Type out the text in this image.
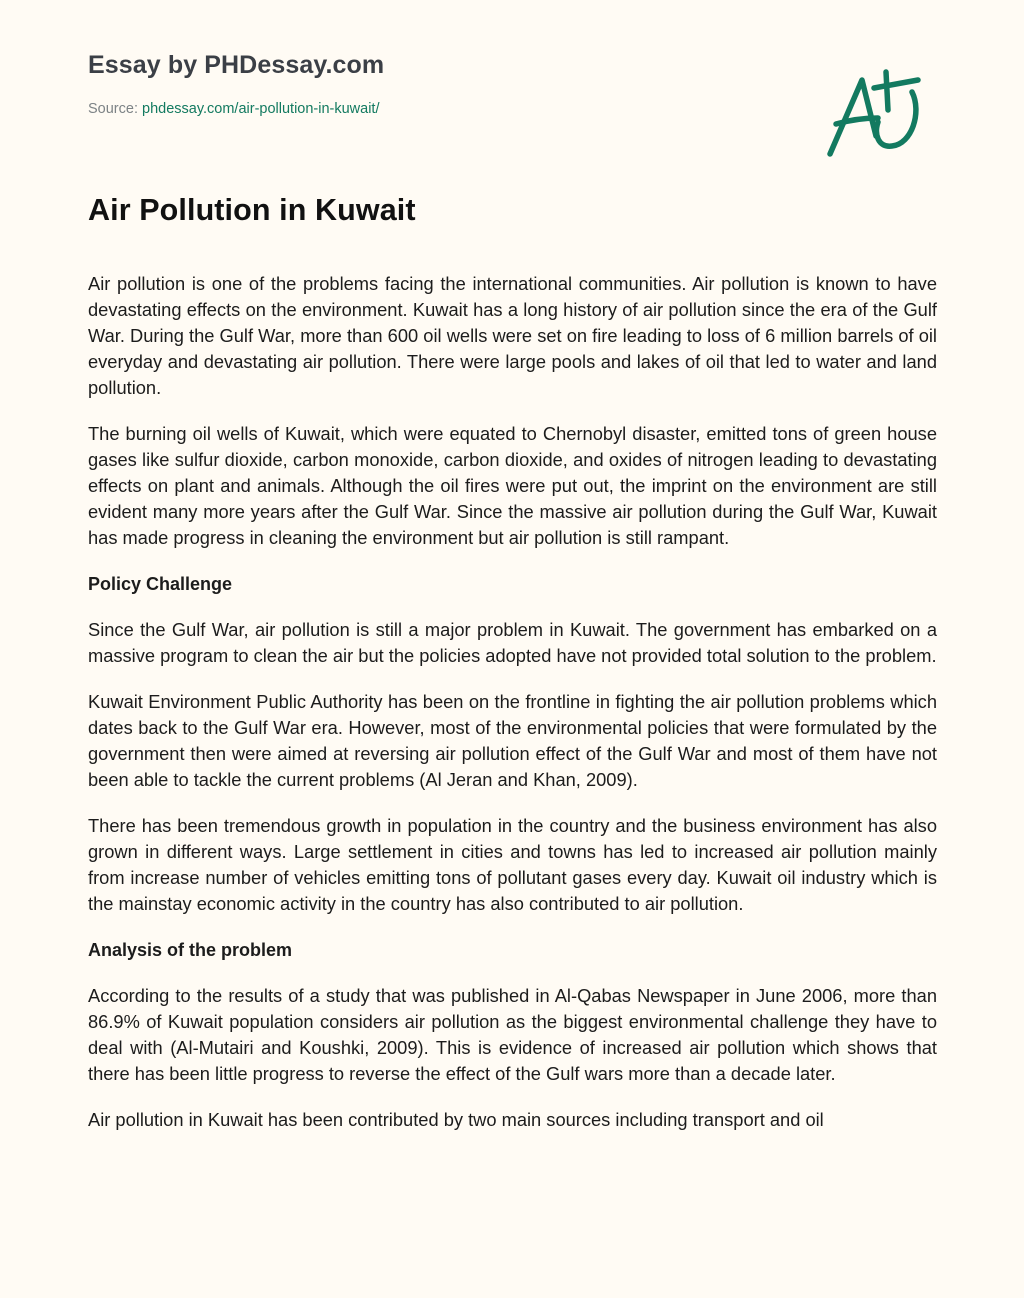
Essay by PHDessay.com
Source: phdessay.com/air-pollution-in-kuwait/
Air Pollution in Kuwait

Air pollution is one of the problems facing the international communities. Air pollution is known to have devastating effects on the environment. Kuwait has a long history of air pollution since the era of the Gulf War. During the Gulf War, more than 600 oil wells were set on fire leading to loss of 6 million barrels of oil everyday and devastating air pollution. There were large pools and lakes of oil that led to water and land pollution.

The burning oil wells of Kuwait, which were equated to Chernobyl disaster, emitted tons of green house gases like sulfur dioxide, carbon monoxide, carbon dioxide, and oxides of nitrogen leading to devastating effects on plant and animals. Although the oil fires were put out, the imprint on the environment are still evident many more years after the Gulf War. Since the massive air pollution during the Gulf War, Kuwait has made progress in cleaning the environment but air pollution is still rampant.

Policy Challenge

Since the Gulf War, air pollution is still a major problem in Kuwait. The government has embarked on a massive program to clean the air but the policies adopted have not provided total solution to the problem.

Kuwait Environment Public Authority has been on the frontline in fighting the air pollution problems which dates back to the Gulf War era. However, most of the environmental policies that were formulated by the government then were aimed at reversing air pollution effect of the Gulf War and most of them have not been able to tackle the current problems (Al Jeran and Khan, 2009).

There has been tremendous growth in population in the country and the business environment has also grown in different ways. Large settlement in cities and towns has led to increased air pollution mainly from increase number of vehicles emitting tons of pollutant gases every day. Kuwait oil industry which is the mainstay economic activity in the country has also contributed to air pollution.

Analysis of the problem

According to the results of a study that was published in Al-Qabas Newspaper in June 2006, more than 86.9% of Kuwait population considers air pollution as the biggest environmental challenge they have to deal with (Al-Mutairi and Koushki, 2009). This is evidence of increased air pollution which shows that there has been little progress to reverse the effect of the Gulf wars more than a decade later.

Air pollution in Kuwait has been contributed by two main sources including transport and oil
